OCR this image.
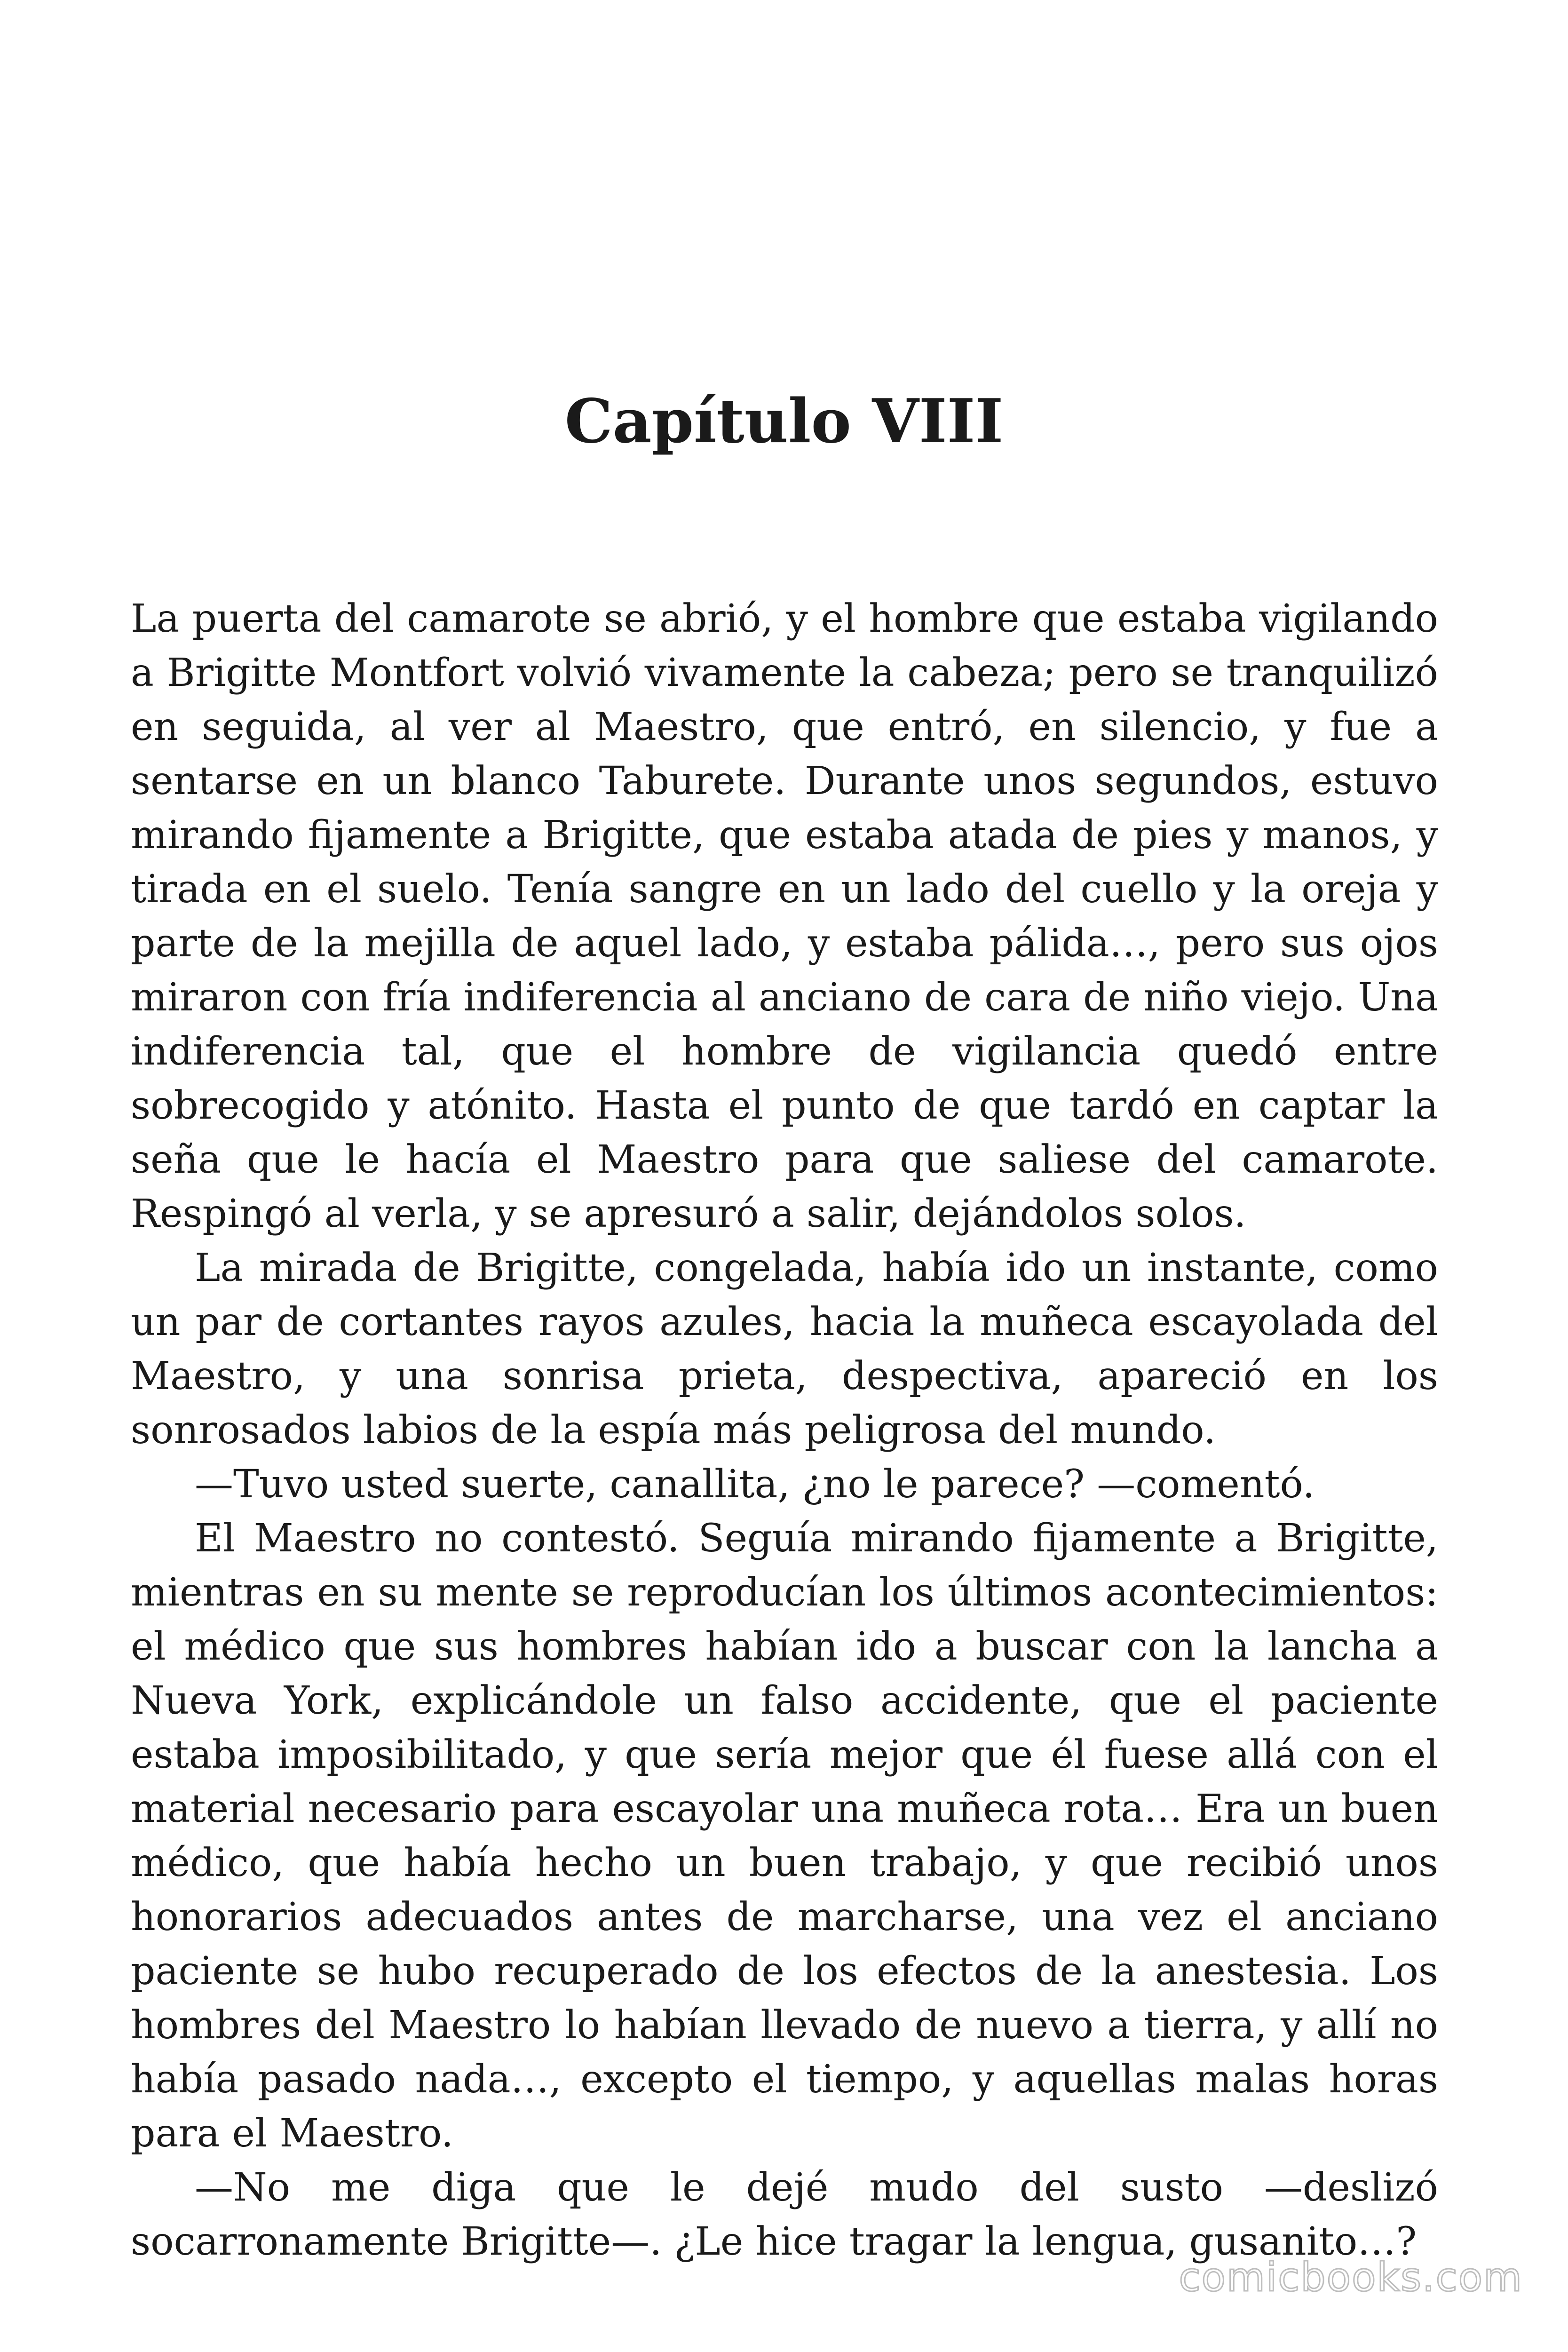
Capítulo VIII

La puerta del camarote se abrió, y el hombre que estaba vigilando a Brigitte Montfort volvió vivamente la cabeza; pero se tranquilizó en seguida, al ver al Maestro, que entró, en silencio, y fue a sentarse en un blanco Taburete. Durante unos segundos, estuvo mirando fijamente a Brigitte, que estaba atada de pies y manos, y tirada en el suelo. Tenía sangre en un lado del cuello y la oreja y parte de la mejilla de aquel lado, y estaba pálida…, pero sus ojos miraron con fría indiferencia al anciano de cara de niño viejo. Una indiferencia tal, que el hombre de vigilancia quedó entre sobrecogido y atónito. Hasta el punto de que tardó en captar la seña que le hacía el Maestro para que saliese del camarote. Respingó al verla, y se apresuró a salir, dejándolos solos.

La mirada de Brigitte, congelada, había ido un instante, como un par de cortantes rayos azules, hacia la muñeca escayolada del Maestro, y una sonrisa prieta, despectiva, apareció en los sonrosados labios de la espía más peligrosa del mundo.

—Tuvo usted suerte, canallita, ¿no le parece? —comentó.

El Maestro no contestó. Seguía mirando fijamente a Brigitte, mientras en su mente se reproducían los últimos acontecimientos: el médico que sus hombres habían ido a buscar con la lancha a Nueva York, explicándole un falso accidente, que el paciente estaba imposibilitado, y que sería mejor que él fuese allá con el material necesario para escayolar una muñeca rota… Era un buen médico, que había hecho un buen trabajo, y que recibió unos honorarios adecuados antes de marcharse, una vez el anciano paciente se hubo recuperado de los efectos de la anestesia. Los hombres del Maestro lo habían llevado de nuevo a tierra, y allí no había pasado nada…, excepto el tiempo, y aquellas malas horas para el Maestro.

—No me diga que le dejé mudo del susto —deslizó socarronamente Brigitte—. ¿Le hice tragar la lengua, gusanito…?

comicbooks.com
